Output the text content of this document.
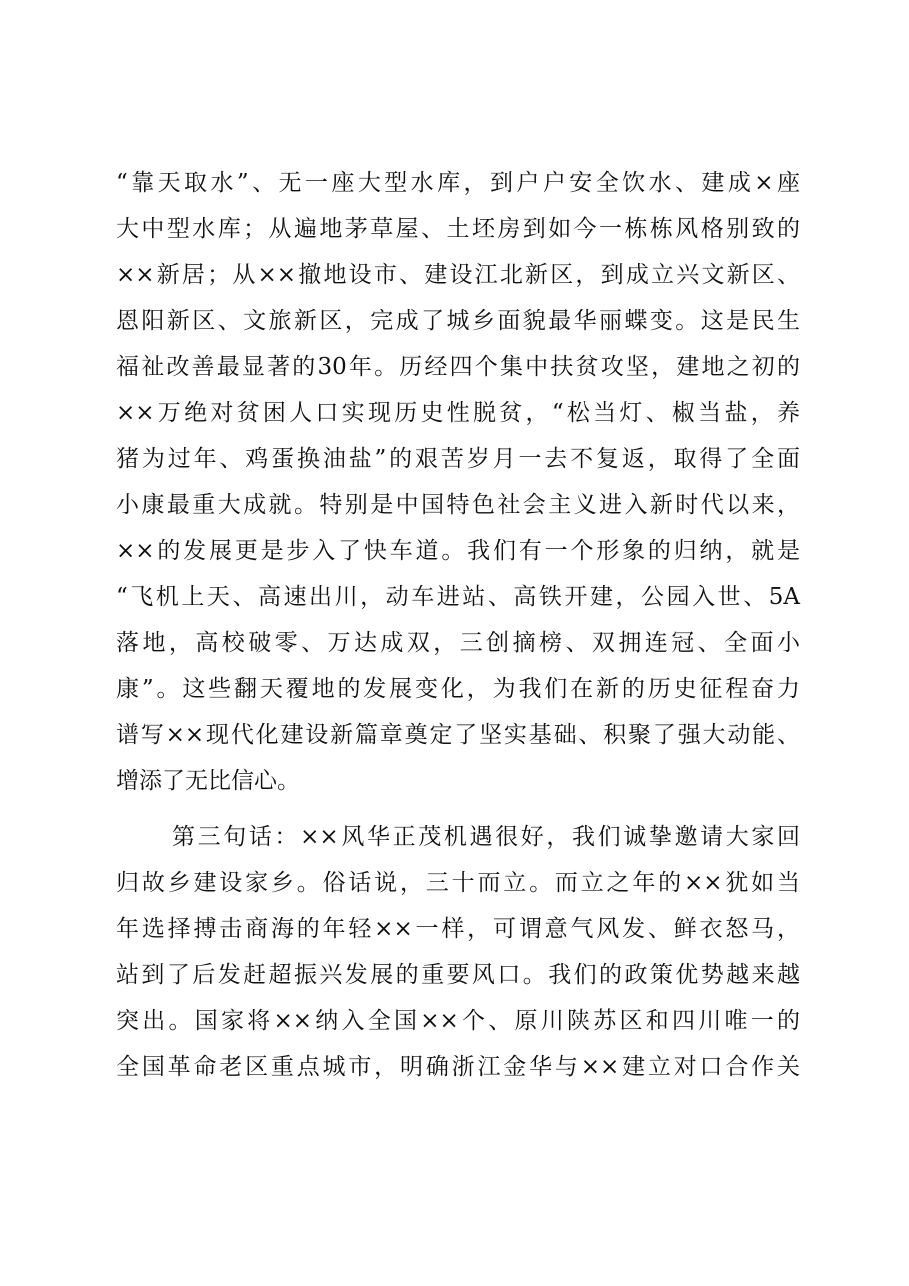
“靠天取水”、无一座大型水库，到户户安全饮水、建成×座
大中型水库；从遍地茅草屋、土坯房到如今一栋栋风格别致的
××新居；从××撤地设市、建设江北新区，到成立兴文新区、
恩阳新区、文旅新区，完成了城乡面貌最华丽蝶变。这是民生
福祉改善最显著的30年。历经四个集中扶贫攻坚，建地之初的
××万绝对贫困人口实现历史性脱贫，“松当灯、椒当盐，养
猪为过年、鸡蛋换油盐”的艰苦岁月一去不复返，取得了全面
小康最重大成就。特别是中国特色社会主义进入新时代以来，
××的发展更是步入了快车道。我们有一个形象的归纳，就是
“飞机上天、高速出川，动车进站、高铁开建，公园入世、5A
落地，高校破零、万达成双，三创摘榜、双拥连冠、全面小
康”。这些翻天覆地的发展变化，为我们在新的历史征程奋力
谱写××现代化建设新篇章奠定了坚实基础、积聚了强大动能、
增添了无比信心。
第三句话：××风华正茂机遇很好，我们诚挚邀请大家回
归故乡建设家乡。俗话说，三十而立。而立之年的××犹如当
年选择搏击商海的年轻××一样，可谓意气风发、鲜衣怒马，
站到了后发赶超振兴发展的重要风口。我们的政策优势越来越
突出。国家将××纳入全国××个、原川陕苏区和四川唯一的
全国革命老区重点城市，明确浙江金华与××建立对口合作关
